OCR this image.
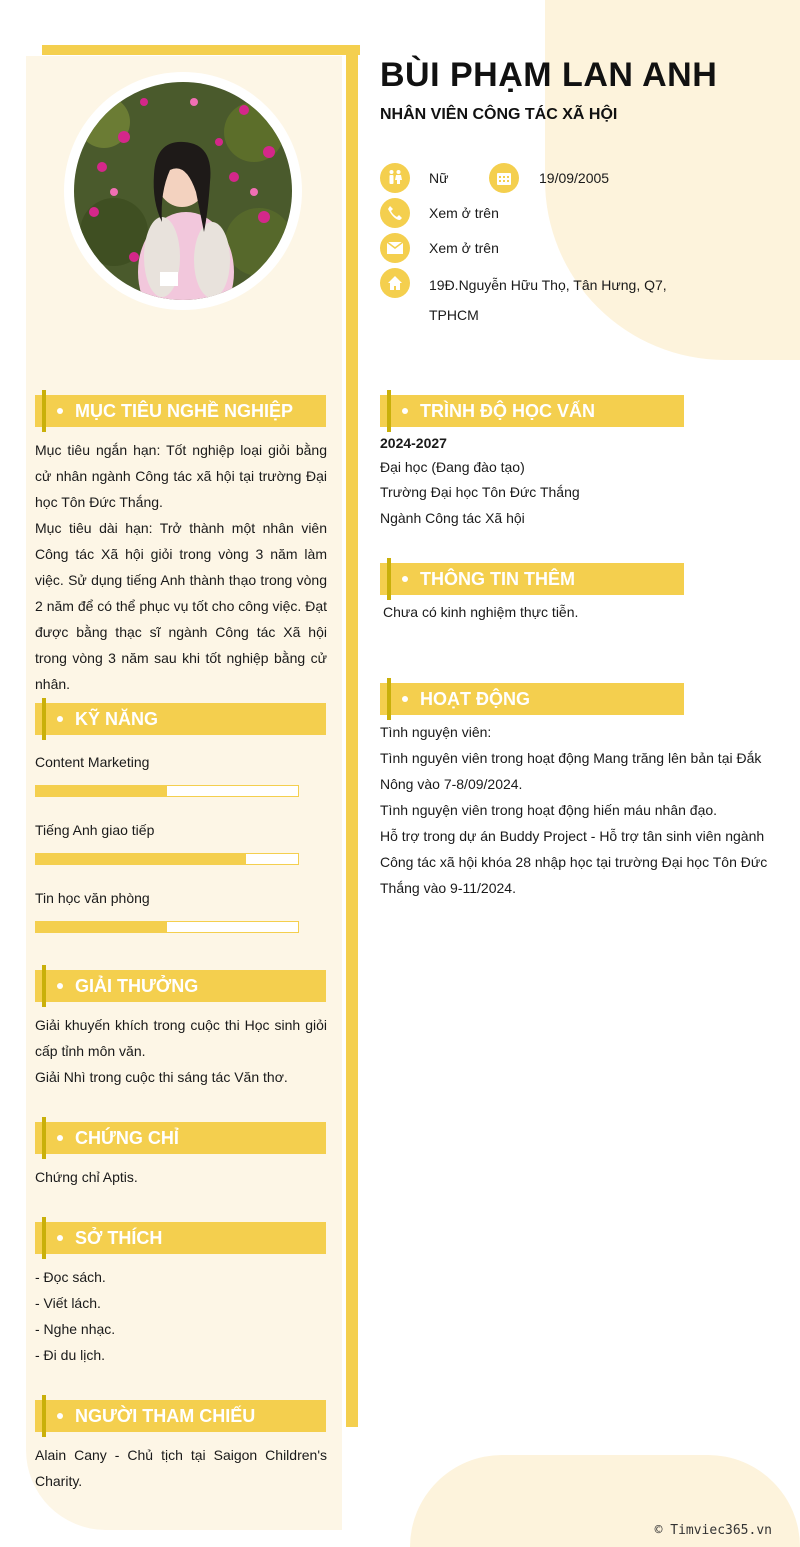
BÙI PHẠM LAN ANH
NHÂN VIÊN CÔNG TÁC XÃ HỘI
Nữ	19/09/2005
Xem ở trên
Xem ở trên
19Đ.Nguyễn Hữu Thọ, Tân Hưng, Q7,
TPHCM
MỤC TIÊU NGHỀ NGHIỆP
Mục tiêu ngắn hạn: Tốt nghiệp loại giỏi bằng cử nhân ngành Công tác xã hội tại trường Đại học Tôn Đức Thắng.
Mục tiêu dài hạn: Trở thành một nhân viên Công tác Xã hội giỏi trong vòng 3 năm làm việc. Sử dụng tiếng Anh thành thạo trong vòng 2 năm để có thể phục vụ tốt cho công việc. Đạt được bằng thạc sĩ ngành Công tác Xã hội trong vòng 3 năm sau khi tốt nghiệp bằng cử nhân.
KỸ NĂNG
Content Marketing
Tiếng Anh giao tiếp
Tin học văn phòng
GIẢI THƯỞNG
Giải khuyến khích trong cuộc thi Học sinh giỏi cấp tỉnh môn văn.
Giải Nhì trong cuộc thi sáng tác Văn thơ.
CHỨNG CHỈ
Chứng chỉ Aptis.
SỞ THÍCH
- Đọc sách.
- Viết lách.
- Nghe nhạc.
- Đi du lịch.
NGƯỜI THAM CHIẾU
Alain Cany - Chủ tịch tại Saigon Children's Charity.
TRÌNH ĐỘ HỌC VẤN
2024-2027
Đại học (Đang đào tạo)
Trường Đại học Tôn Đức Thắng
Ngành Công tác Xã hội
THÔNG TIN THÊM
Chưa có kinh nghiệm thực tiễn.
HOẠT ĐỘNG
Tình nguyện viên:
Tình nguyên viên trong hoạt động Mang trăng lên bản tại Đắk Nông vào 7-8/09/2024.
Tình nguyện viên trong hoạt động hiến máu nhân đạo.
Hỗ trợ trong dự án Buddy Project - Hỗ trợ tân sinh viên ngành Công tác xã hội khóa 28 nhập học tại trường Đại học Tôn Đức Thắng vào 9-11/2024.
© Timviec365.vn
